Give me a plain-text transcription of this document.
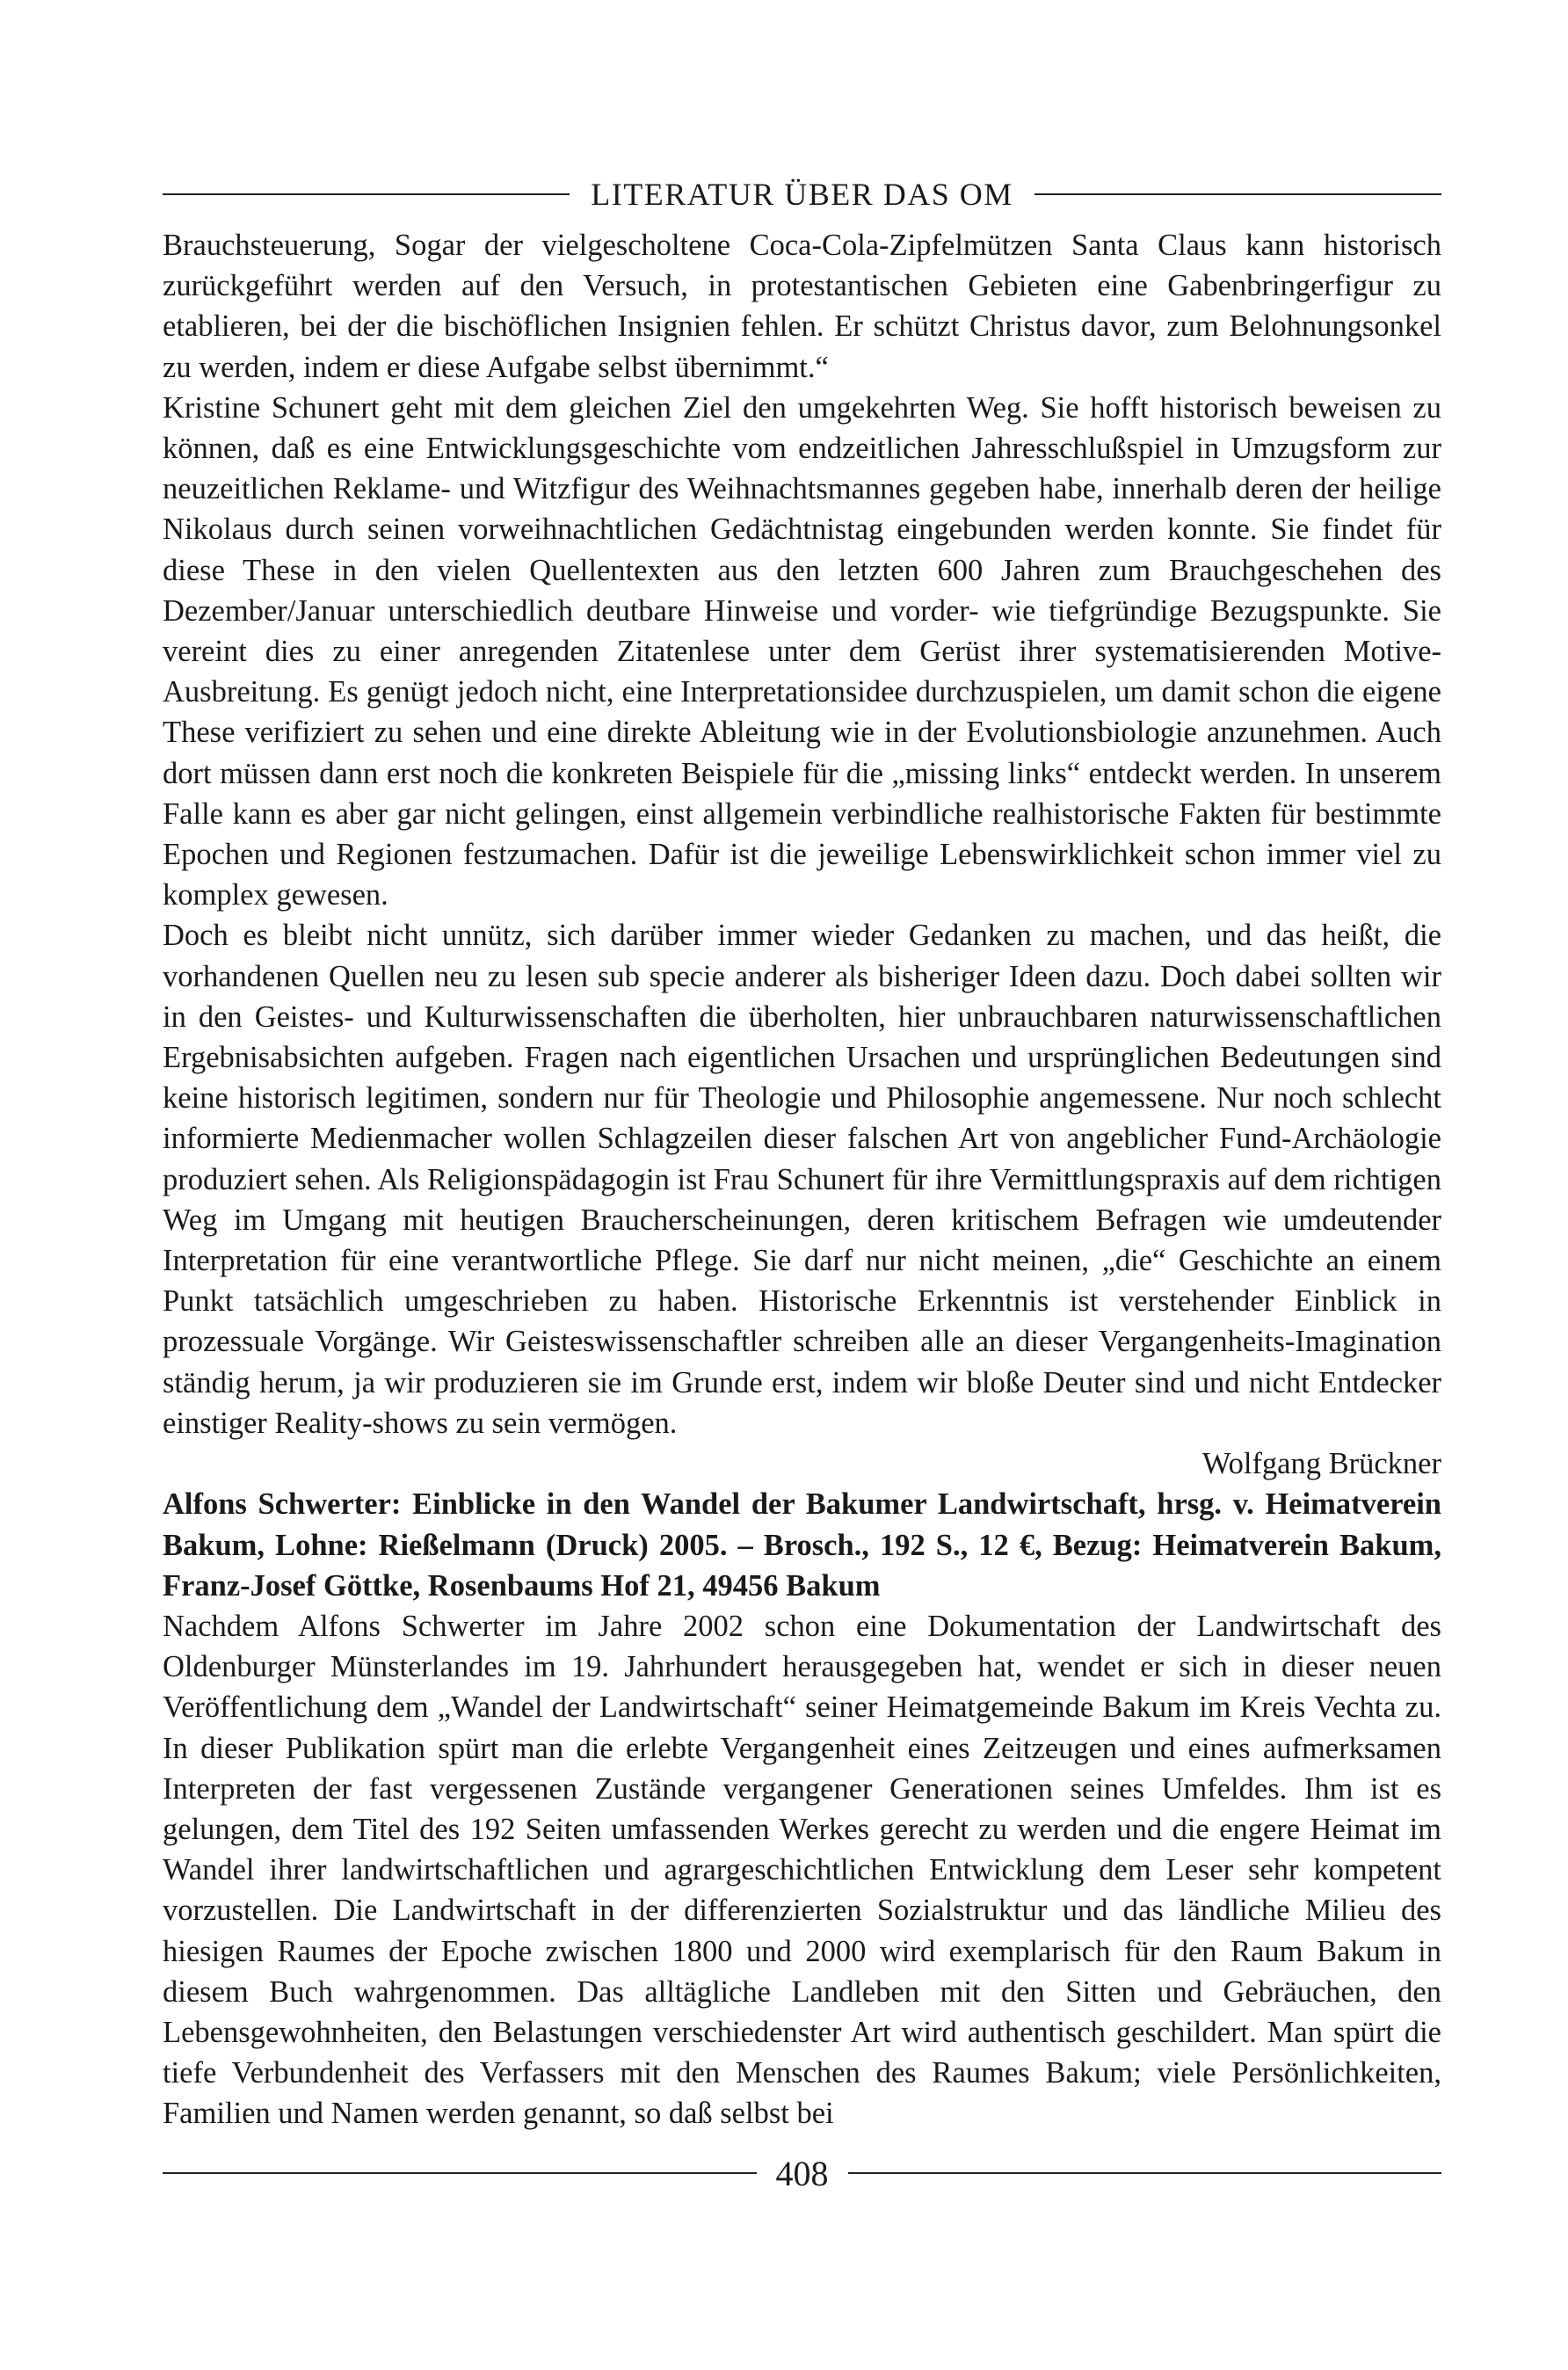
LITERATUR ÜBER DAS OM

Brauchsteuerung, Sogar der vielgescholtene Coca-Cola-Zipfelmützen Santa Claus kann historisch zurückgeführt werden auf den Versuch, in protestantischen Gebieten eine Gabenbringerfigur zu etablieren, bei der die bischöflichen Insignien fehlen. Er schützt Christus davor, zum Belohnungsonkel zu werden, indem er diese Aufgabe selbst übernimmt.“

Kristine Schunert geht mit dem gleichen Ziel den umgekehrten Weg. Sie hofft historisch beweisen zu können, daß es eine Entwicklungsgeschichte vom endzeitlichen Jahresschlußspiel in Umzugsform zur neuzeitlichen Reklame- und Witzfigur des Weihnachtsmannes gegeben habe, innerhalb deren der heilige Nikolaus durch seinen vorweihnachtlichen Gedächtnistag eingebunden werden konnte. Sie findet für diese These in den vielen Quellentexten aus den letzten 600 Jahren zum Brauchgeschehen des Dezember/Januar unterschiedlich deutbare Hinweise und vorder- wie tiefgründige Bezugspunkte. Sie vereint dies zu einer anregenden Zitatenlese unter dem Gerüst ihrer systematisierenden Motive-Ausbreitung. Es genügt jedoch nicht, eine Interpretationsidee durchzuspielen, um damit schon die eigene These verifiziert zu sehen und eine direkte Ableitung wie in der Evolutionsbiologie anzunehmen. Auch dort müssen dann erst noch die konkreten Beispiele für die „missing links“ entdeckt werden. In unserem Falle kann es aber gar nicht gelingen, einst allgemein verbindliche realhistorische Fakten für bestimmte Epochen und Regionen festzumachen. Dafür ist die jeweilige Lebenswirklichkeit schon immer viel zu komplex gewesen.

Doch es bleibt nicht unnütz, sich darüber immer wieder Gedanken zu machen, und das heißt, die vorhandenen Quellen neu zu lesen sub specie anderer als bisheriger Ideen dazu. Doch dabei sollten wir in den Geistes- und Kulturwissenschaften die überholten, hier unbrauchbaren naturwissenschaftlichen Ergebnisabsichten aufgeben. Fragen nach eigentlichen Ursachen und ursprünglichen Bedeutungen sind keine historisch legitimen, sondern nur für Theologie und Philosophie angemessene. Nur noch schlecht informierte Medienmacher wollen Schlagzeilen dieser falschen Art von angeblicher Fund-Archäologie produziert sehen. Als Religionspädagogin ist Frau Schunert für ihre Vermittlungspraxis auf dem richtigen Weg im Umgang mit heutigen Braucherscheinungen, deren kritischem Befragen wie umdeutender Interpretation für eine verantwortliche Pflege. Sie darf nur nicht meinen, „die“ Geschichte an einem Punkt tatsächlich umgeschrieben zu haben. Historische Erkenntnis ist verstehender Einblick in prozessuale Vorgänge. Wir Geisteswissenschaftler schreiben alle an dieser Vergangenheits-Imagination ständig herum, ja wir produzieren sie im Grunde erst, indem wir bloße Deuter sind und nicht Entdecker einstiger Reality-shows zu sein vermögen.

Wolfgang Brückner

Alfons Schwerter: Einblicke in den Wandel der Bakumer Landwirtschaft, hrsg. v. Heimatverein Bakum, Lohne: Rießelmann (Druck) 2005. – Brosch., 192 S., 12 €, Bezug: Heimatverein Bakum, Franz-Josef Göttke, Rosenbaums Hof 21, 49456 Bakum

Nachdem Alfons Schwerter im Jahre 2002 schon eine Dokumentation der Landwirtschaft des Oldenburger Münsterlandes im 19. Jahrhundert herausgegeben hat, wendet er sich in dieser neuen Veröffentlichung dem „Wandel der Landwirtschaft“ seiner Heimatgemeinde Bakum im Kreis Vechta zu. In dieser Publikation spürt man die erlebte Vergangenheit eines Zeitzeugen und eines aufmerksamen Interpreten der fast vergessenen Zustände vergangener Generationen seines Umfeldes. Ihm ist es gelungen, dem Titel des 192 Seiten umfassenden Werkes gerecht zu werden und die engere Heimat im Wandel ihrer landwirtschaftlichen und agrargeschichtlichen Entwicklung dem Leser sehr kompetent vorzustellen. Die Landwirtschaft in der differenzierten Sozialstruktur und das ländliche Milieu des hiesigen Raumes der Epoche zwischen 1800 und 2000 wird exemplarisch für den Raum Bakum in diesem Buch wahrgenommen. Das alltägliche Landleben mit den Sitten und Gebräuchen, den Lebensgewohnheiten, den Belastungen verschiedenster Art wird authentisch geschildert. Man spürt die tiefe Verbundenheit des Verfassers mit den Menschen des Raumes Bakum; viele Persönlichkeiten, Familien und Namen werden genannt, so daß selbst bei

408
